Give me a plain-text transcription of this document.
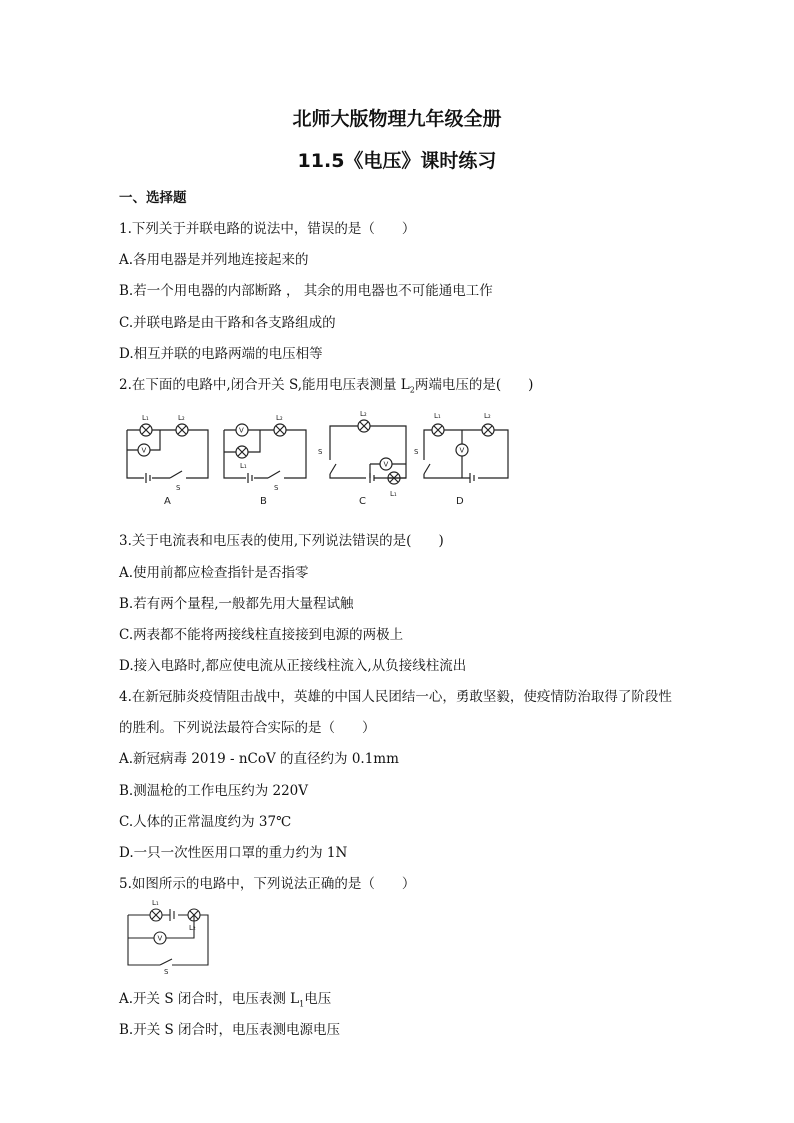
北师大版物理九年级全册
11.5《电压》课时练习
一、选择题
1.下列关于并联电路的说法中，错误的是（　　）
A.各用电器是并列地连接起来的
B.若一个用电器的内部断路 ， 其余的用电器也不可能通电工作
C.并联电路是由干路和各支路组成的
D.相互并联的电路两端的电压相等
2.在下面的电路中,闭合开关 S,能用电压表测量 $L_2$两端电压的是(　　)
L₁	L₂
V
S
V
L₁
L₂
S
L₂
S
V
L₁
L₁	L₂
S	V
A	B	C	D
3.关于电流表和电压表的使用,下列说法错误的是(　　)
A.使用前都应检查指针是否指零
B.若有两个量程,一般都先用大量程试触
C.两表都不能将两接线柱直接接到电源的两极上
D.接入电路时,都应使电流从正接线柱流入,从负接线柱流出
4.在新冠肺炎疫情阻击战中，英雄的中国人民团结一心，勇敢坚毅，使疫情防治取得了阶段性
的胜利。下列说法最符合实际的是（　　）
A.新冠病毒 2019 - nCoV 的直径约为 0.1mm
B.测温枪的工作电压约为 220V
C.人体的正常温度约为 37℃
D.一只一次性医用口罩的重力约为 1N
5.如图所示的电路中，下列说法正确的是（　　）
L₁
L₂
V
S
A.开关 S 闭合时，电压表测 $L_1$电压
B.开关 S 闭合时，电压表测电源电压
